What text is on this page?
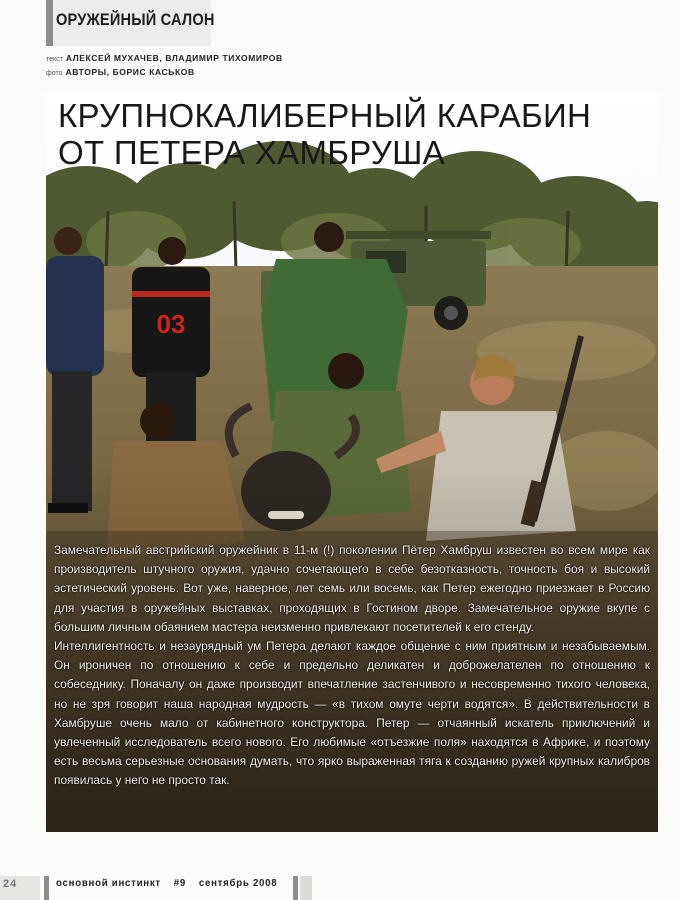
ОРУЖЕЙНЫЙ САЛОН
текст АЛЕКСЕЙ МУХАЧЕВ, ВЛАДИМИР ТИХОМИРОВ
фото АВТОРЫ, БОРИС КАСЬКОВ
КРУПНОКАЛИБЕРНЫЙ КАРАБИН
ОТ ПЕТЕРА ХАМБРУША

Замечательный австрийский оружейник в 11-м (!) поколении Пётер Хамбруш известен во всем мире как производитель штучного оружия, удачно сочетающего в себе безотказность, точность боя и высокий эстетический уровень. Вот уже, наверное, лет семь или восемь, как Петер ежегодно приезжает в Россию для участия в оружейных выставках, проходящих в Гостином дворе. Замечательное оружие вкупе с большим личным обаянием мастера неизменно привлекают посетителей к его стенду.

Интеллигентность и незаурядный ум Петера делают каждое общение с ним приятным и незабываемым. Он ироничен по отношению к себе и предельно деликатен и доброжелателен по отношению к собеседнику. Поначалу он даже производит впечатление застенчивого и несовременно тихого человека, но не зря говорит наша народная мудрость — «в тихом омуте черти водятся». В действительности в Хамбруше очень мало от кабинетного конструктора. Петер — отчаянный искатель приключений и увлеченный исследователь всего нового. Его любимые «отъезжие поля» находятся в Африке, и поэтому есть весьма серьезные основания думать, что ярко выраженная тяга к созданию ружей крупных калибров появилась у него не просто так.

24	основной инстинкт #9 сентябрь 2008
